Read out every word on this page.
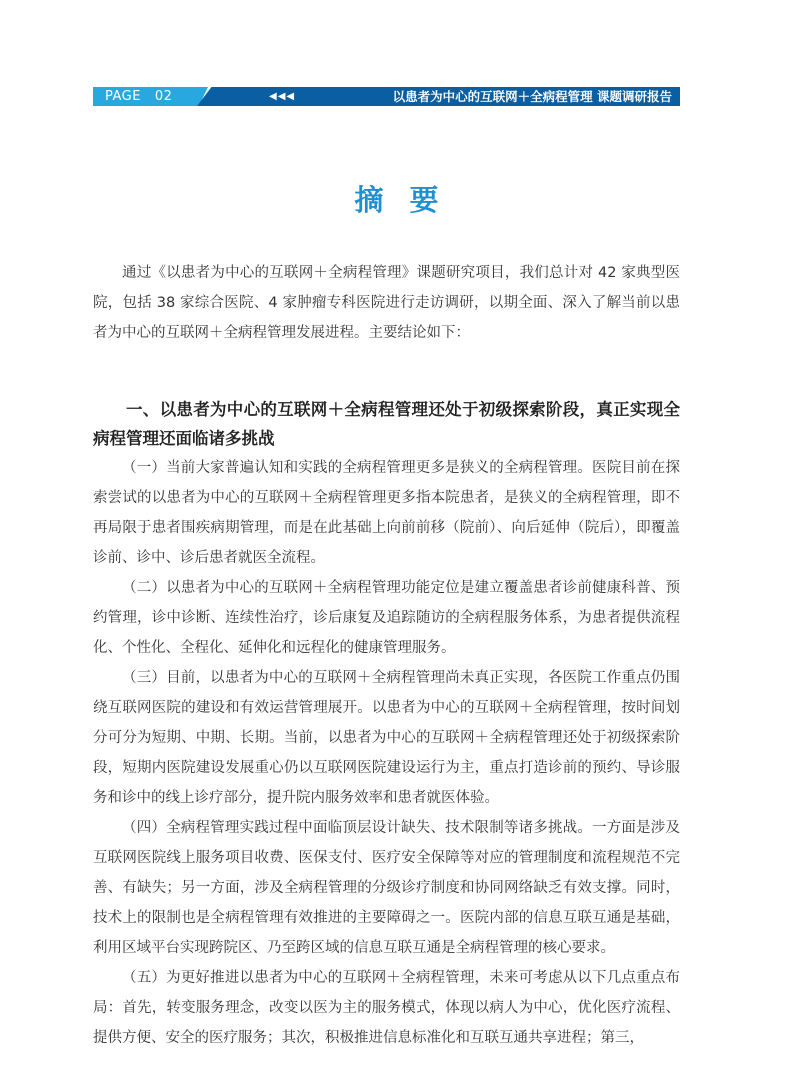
PAGE   02	◀◀◀	以患者为中心的互联网＋全病程管理 课题调研报告
摘要

通过《以患者为中心的互联网＋全病程管理》课题研究项目，我们总计对 42 家典型医院，包括 38 家综合医院、4 家肿瘤专科医院进行走访调研，以期全面、深入了解当前以患者为中心的互联网＋全病程管理发展进程。主要结论如下：

一、以患者为中心的互联网＋全病程管理还处于初级探索阶段，真正实现全病程管理还面临诸多挑战

（一）当前大家普遍认知和实践的全病程管理更多是狭义的全病程管理。医院目前在探索尝试的以患者为中心的互联网＋全病程管理更多指本院患者，是狭义的全病程管理，即不再局限于患者围疾病期管理，而是在此基础上向前前移（院前）、向后延伸（院后），即覆盖诊前、诊中、诊后患者就医全流程。

（二）以患者为中心的互联网＋全病程管理功能定位是建立覆盖患者诊前健康科普、预约管理，诊中诊断、连续性治疗，诊后康复及追踪随访的全病程服务体系，为患者提供流程化、个性化、全程化、延伸化和远程化的健康管理服务。

（三）目前，以患者为中心的互联网＋全病程管理尚未真正实现，各医院工作重点仍围绕互联网医院的建设和有效运营管理展开。以患者为中心的互联网＋全病程管理，按时间划分可分为短期、中期、长期。当前，以患者为中心的互联网＋全病程管理还处于初级探索阶段，短期内医院建设发展重心仍以互联网医院建设运行为主，重点打造诊前的预约、导诊服务和诊中的线上诊疗部分，提升院内服务效率和患者就医体验。

（四）全病程管理实践过程中面临顶层设计缺失、技术限制等诸多挑战。一方面是涉及互联网医院线上服务项目收费、医保支付、医疗安全保障等对应的管理制度和流程规范不完善、有缺失；另一方面，涉及全病程管理的分级诊疗制度和协同网络缺乏有效支撑。同时，技术上的限制也是全病程管理有效推进的主要障碍之一。医院内部的信息互联互通是基础，利用区域平台实现跨院区、乃至跨区域的信息互联互通是全病程管理的核心要求。

（五）为更好推进以患者为中心的互联网＋全病程管理，未来可考虑从以下几点重点布局：首先，转变服务理念，改变以医为主的服务模式，体现以病人为中心，优化医疗流程、提供方便、安全的医疗服务；其次，积极推进信息标准化和互联互通共享进程；第三，
